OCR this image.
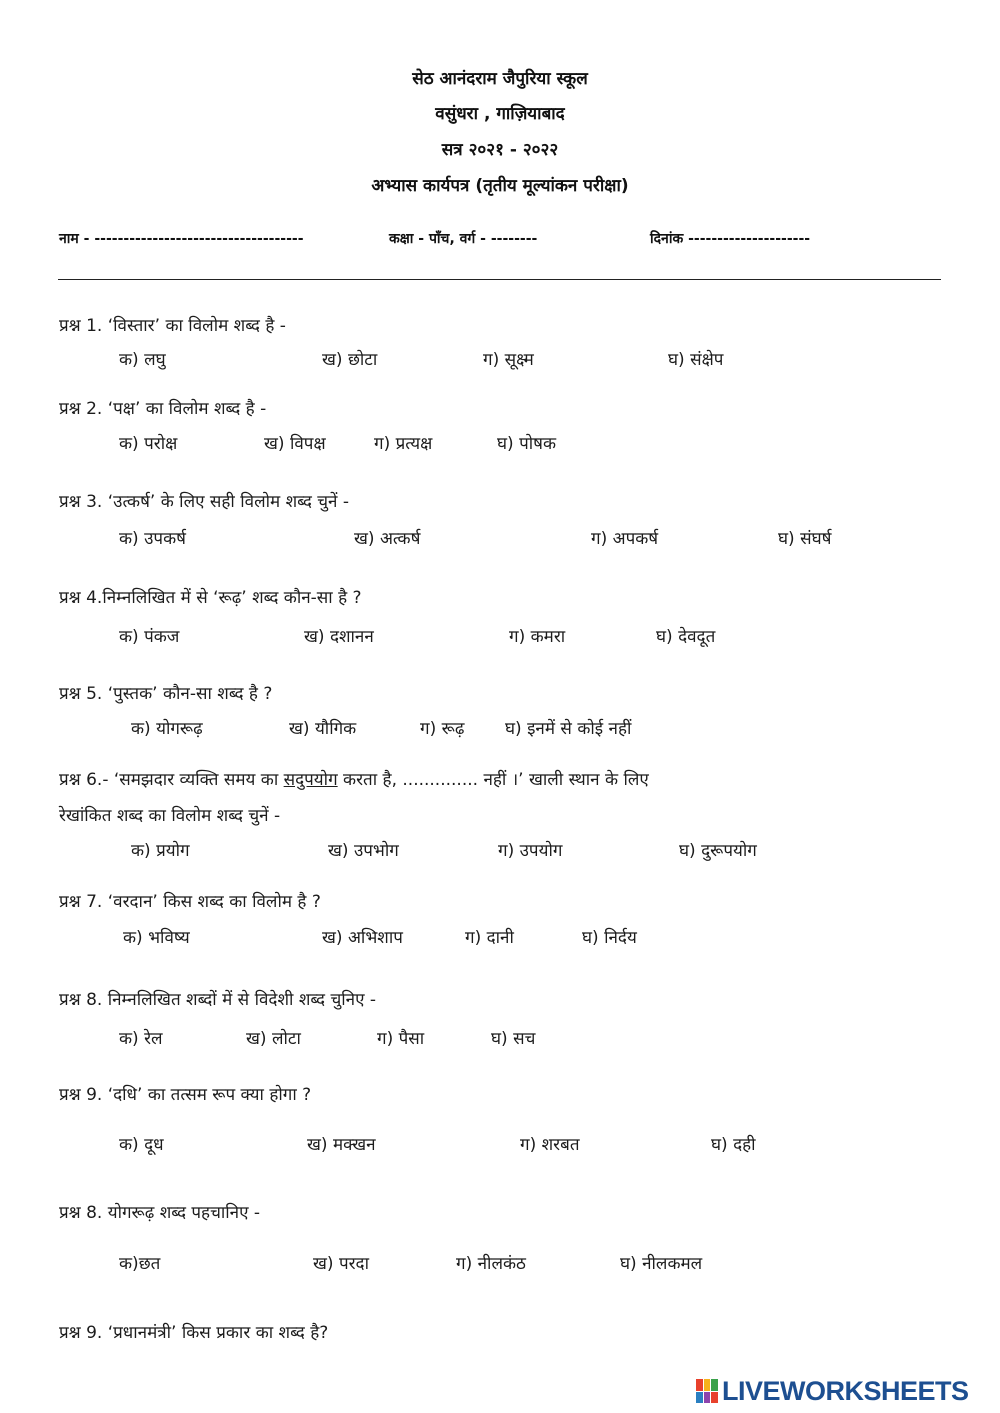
सेठ आनंदराम जैपुरिया स्कूल
वसुंधरा , गाज़ियाबाद
सत्र २०२१ - २०२२
अभ्यास कार्यपत्र (तृतीय मूल्यांकन परीक्षा)
नाम - ------------------------------------	कक्षा - पाँच, वर्ग - --------	दिनांक ---------------------
प्रश्न 1. ‘विस्तार’ का विलोम शब्द है -
क) लघु	ख) छोटा	ग) सूक्ष्म	घ) संक्षेप
प्रश्न 2. ‘पक्ष’ का विलोम शब्द है -
क) परोक्ष	ख) विपक्ष	ग) प्रत्यक्ष	घ) पोषक
प्रश्न 3. ‘उत्कर्ष’ के लिए सही विलोम शब्द चुनें -
क) उपकर्ष	ख) अत्कर्ष	ग) अपकर्ष	घ) संघर्ष
प्रश्न 4.निम्नलिखित में से ‘रूढ़’ शब्द कौन-सा है ?
क) पंकज	ख) दशानन	ग) कमरा	घ) देवदूत
प्रश्न 5. ‘पुस्तक’ कौन-सा शब्द है ?
क) योगरूढ़	ख) यौगिक	ग) रूढ़ घ) इनमें से कोई नहीं
प्रश्न 6.- ‘समझदार व्यक्ति समय का सदुपयोग करता है, .............. नहीं ।’ खाली स्थान के लिए
रेखांकित शब्द का विलोम शब्द चुनें -
क) प्रयोग	ख) उपभोग	ग) उपयोग	घ) दुरूपयोग
प्रश्न 7. ‘वरदान’ किस शब्द का विलोम है ?
क) भविष्य	ख) अभिशाप	ग) दानी	घ) निर्दय
प्रश्न 8. निम्नलिखित शब्दों में से विदेशी शब्द चुनिए -
क) रेल	ख) लोटा	ग) पैसा	घ) सच
प्रश्न 9. ‘दधि’ का तत्सम रूप क्या होगा ?
क) दूध	ख) मक्खन	ग) शरबत	घ) दही
प्रश्न 8. योगरूढ़ शब्द पहचानिए -
क)छत	ख) परदा	ग) नीलकंठ	घ) नीलकमल
प्रश्न 9. ‘प्रधानमंत्री’ किस प्रकार का शब्द है?
LIVEWORKSHEETS
